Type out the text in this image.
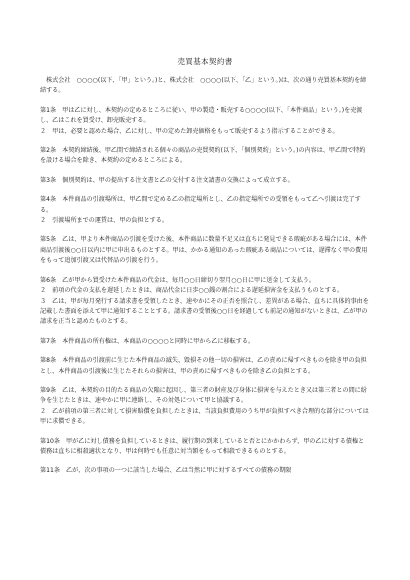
売買基本契約書

　株式会社　○○○○(以下、「甲」という。)と、株式会社　○○○○(以下、「乙」という。)は、次の通り売買基本契約を締結する。

第1条　甲は乙に対し、本契約の定めるところに従い、甲の製造・販売する○○○○(以下、「本件商品」という。)を売渡し、乙はこれを買受け、卸売販売する。

２　甲は、必要と認めた場合、乙に対し、甲の定めた卸売価格をもって販売するよう指示することができる。

第2条　本契約締結後、甲乙間で締結される個々の商品の売買契約(以下、「個別契約」という。)の内容は、甲乙間で特約を設ける場合を除き、本契約の定めるところによる。

第3条　個別契約は、甲の提出する注文書と乙の交付する注文請書の交換によって成立する。

第4条　本件商品の引渡場所は、甲乙間で定める乙の指定場所とし、乙の指定場所での受領をもって乙へ引渡は完了する。

２　引渡場所までの運賃は、甲の負担とする。

第5条　乙は、甲より本件商品の引渡を受けた後、本件商品に数量不足又は直ちに発見できる瑕疵がある場合には、本件商品引渡後○○日以内に甲に申出るものとする。甲は、かかる通知のあった瑕疵ある商品については、遅滞なく甲の費用をもって追加引渡又は代替品の引渡を行う。

第6条　乙が甲から買受けた本件商品の代金は、毎月○○日締切り翌月○○日に甲に送金して支払う。

２　前項の代金の支払を遅延したときは、商品代金に日歩○○銭の割合による遅延損害金を支払うものとする。

３　乙は、甲が毎月発行する請求書を受領したとき、速やかにその正否を照合し、差異がある場合、直ちに具体的事由を記載した書面を添えて甲に通知することとする。請求書の受領後○○日を経過しても前記の通知がないときは、乙が甲の請求を正当と認めたものとする。

第7条　本件商品の所有権は、本商品の○○○○と同時に甲から乙に移転する。

第8条　本件商品の引渡前に生じた本件商品の滅失、毀損その他一切の損害は、乙の責めに帰すべきものを除き甲の負担とし、本件商品の引渡後に生じたそれらの損害は、甲の責めに帰すべきものを除き乙の負担とする。

第9条　乙は、本契約の目的たる商品の欠陥に起因し、第三者の財産及び身体に損害を与えたとき又は第三者との間に紛争を生じたときは、速やかに甲に連絡し、その対処について甲と協議する。

２　乙が前項の第三者に対して損害賠償を負担したときは、当該負担費用のうち甲が負担すべき合理的な部分については甲に求償できる。

第10条　甲が乙に対し債務を負担しているときは、履行期の到来していると否とにかかわらず、甲の乙に対する債権と債務は直ちに相殺適状となり、甲は何時でも任意に対当額をもって相殺できるものとする。

第11条　乙が、次の事項の一つに該当した場合、乙は当然に甲に対するすべての債務の期限
